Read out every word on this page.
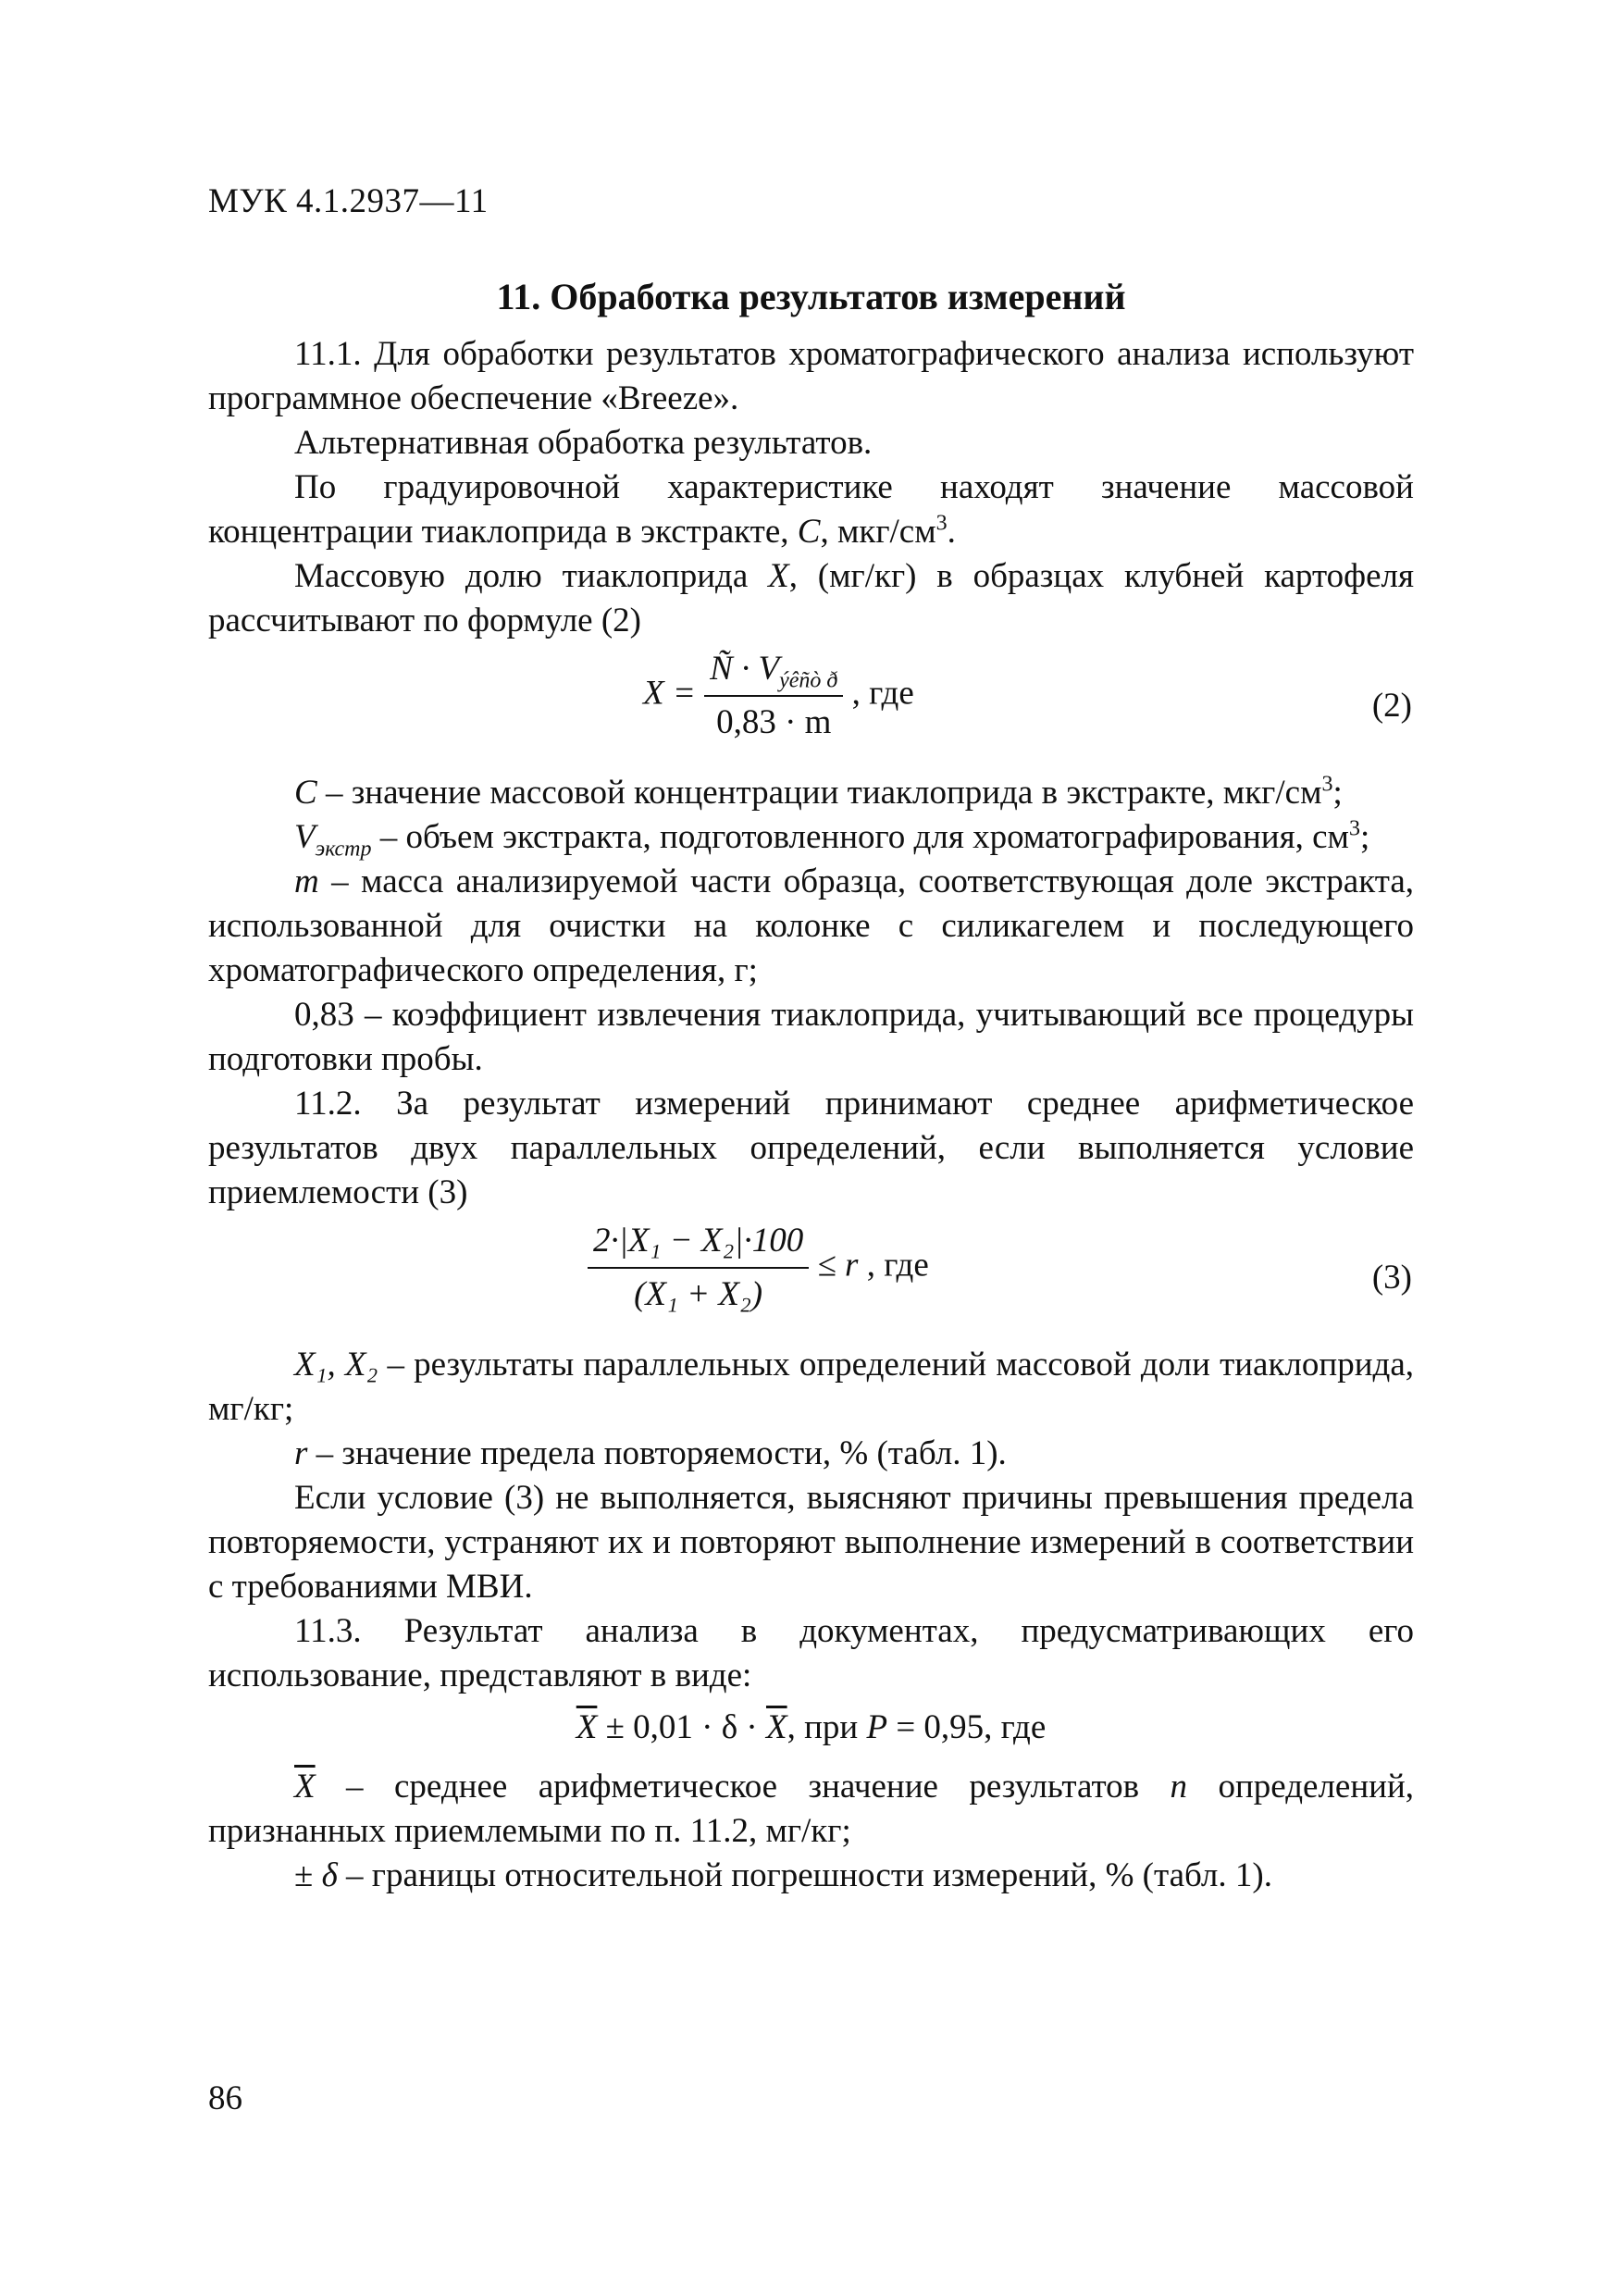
МУК 4.1.2937—11
11. Обработка результатов измерений

11.1. Для обработки результатов хроматографического анализа используют программное обеспечение «Breeze».

Альтернативная обработка результатов.

По градуировочной характеристике находят значение массовой концентрации тиаклоприда в экстракте, С, мкг/$см^3$.

Массовую долю тиаклоприда X, (мг/кг) в образцах клубней картофеля рассчитывают по формуле (2)

$X = \frac{Ñ \cdot V_{ýêñò ð}}{0,83 \cdot m}$ , где	(2)

С – значение массовой концентрации тиаклоприда в экстракте, мкг/$см^3$;

$V_{экстр}$ – объем экстракта, подготовленного для хроматографирования, $см^3$;

m – масса анализируемой части образца, соответствующая доле экстракта, использованной для очистки на колонке с силикагелем и последующего хроматографического определения, г;

0,83 – коэффициент извлечения тиаклоприда, учитывающий все процедуры подготовки пробы.

11.2. За результат измерений принимают среднее арифметическое результатов двух параллельных определений, если выполняется условие приемлемости (3)

$\frac{\text{2·|X₁ − X₂|·100}}{\text{(X₁ + X₂)}} \le r$ , где	(3)

X₁, X₂ – результаты параллельных определений массовой доли тиаклоприда, мг/кг;

r – значение предела повторяемости, % (табл. 1).

Если условие (3) не выполняется, выясняют причины превышения предела повторяемости, устраняют их и повторяют выполнение измерений в соответствии с требованиями МВИ.

11.3. Результат анализа в документах, предусматривающих его использование, представляют в виде:

$\overline{X} \pm 0,01 \cdot \delta \cdot \overline{X}$, при P = 0,95, где

$\overline{X}$ – среднее арифметическое значение результатов n определений, признанных приемлемыми по п. 11.2, мг/кг;

± δ – границы относительной погрешности измерений, % (табл. 1).

86
